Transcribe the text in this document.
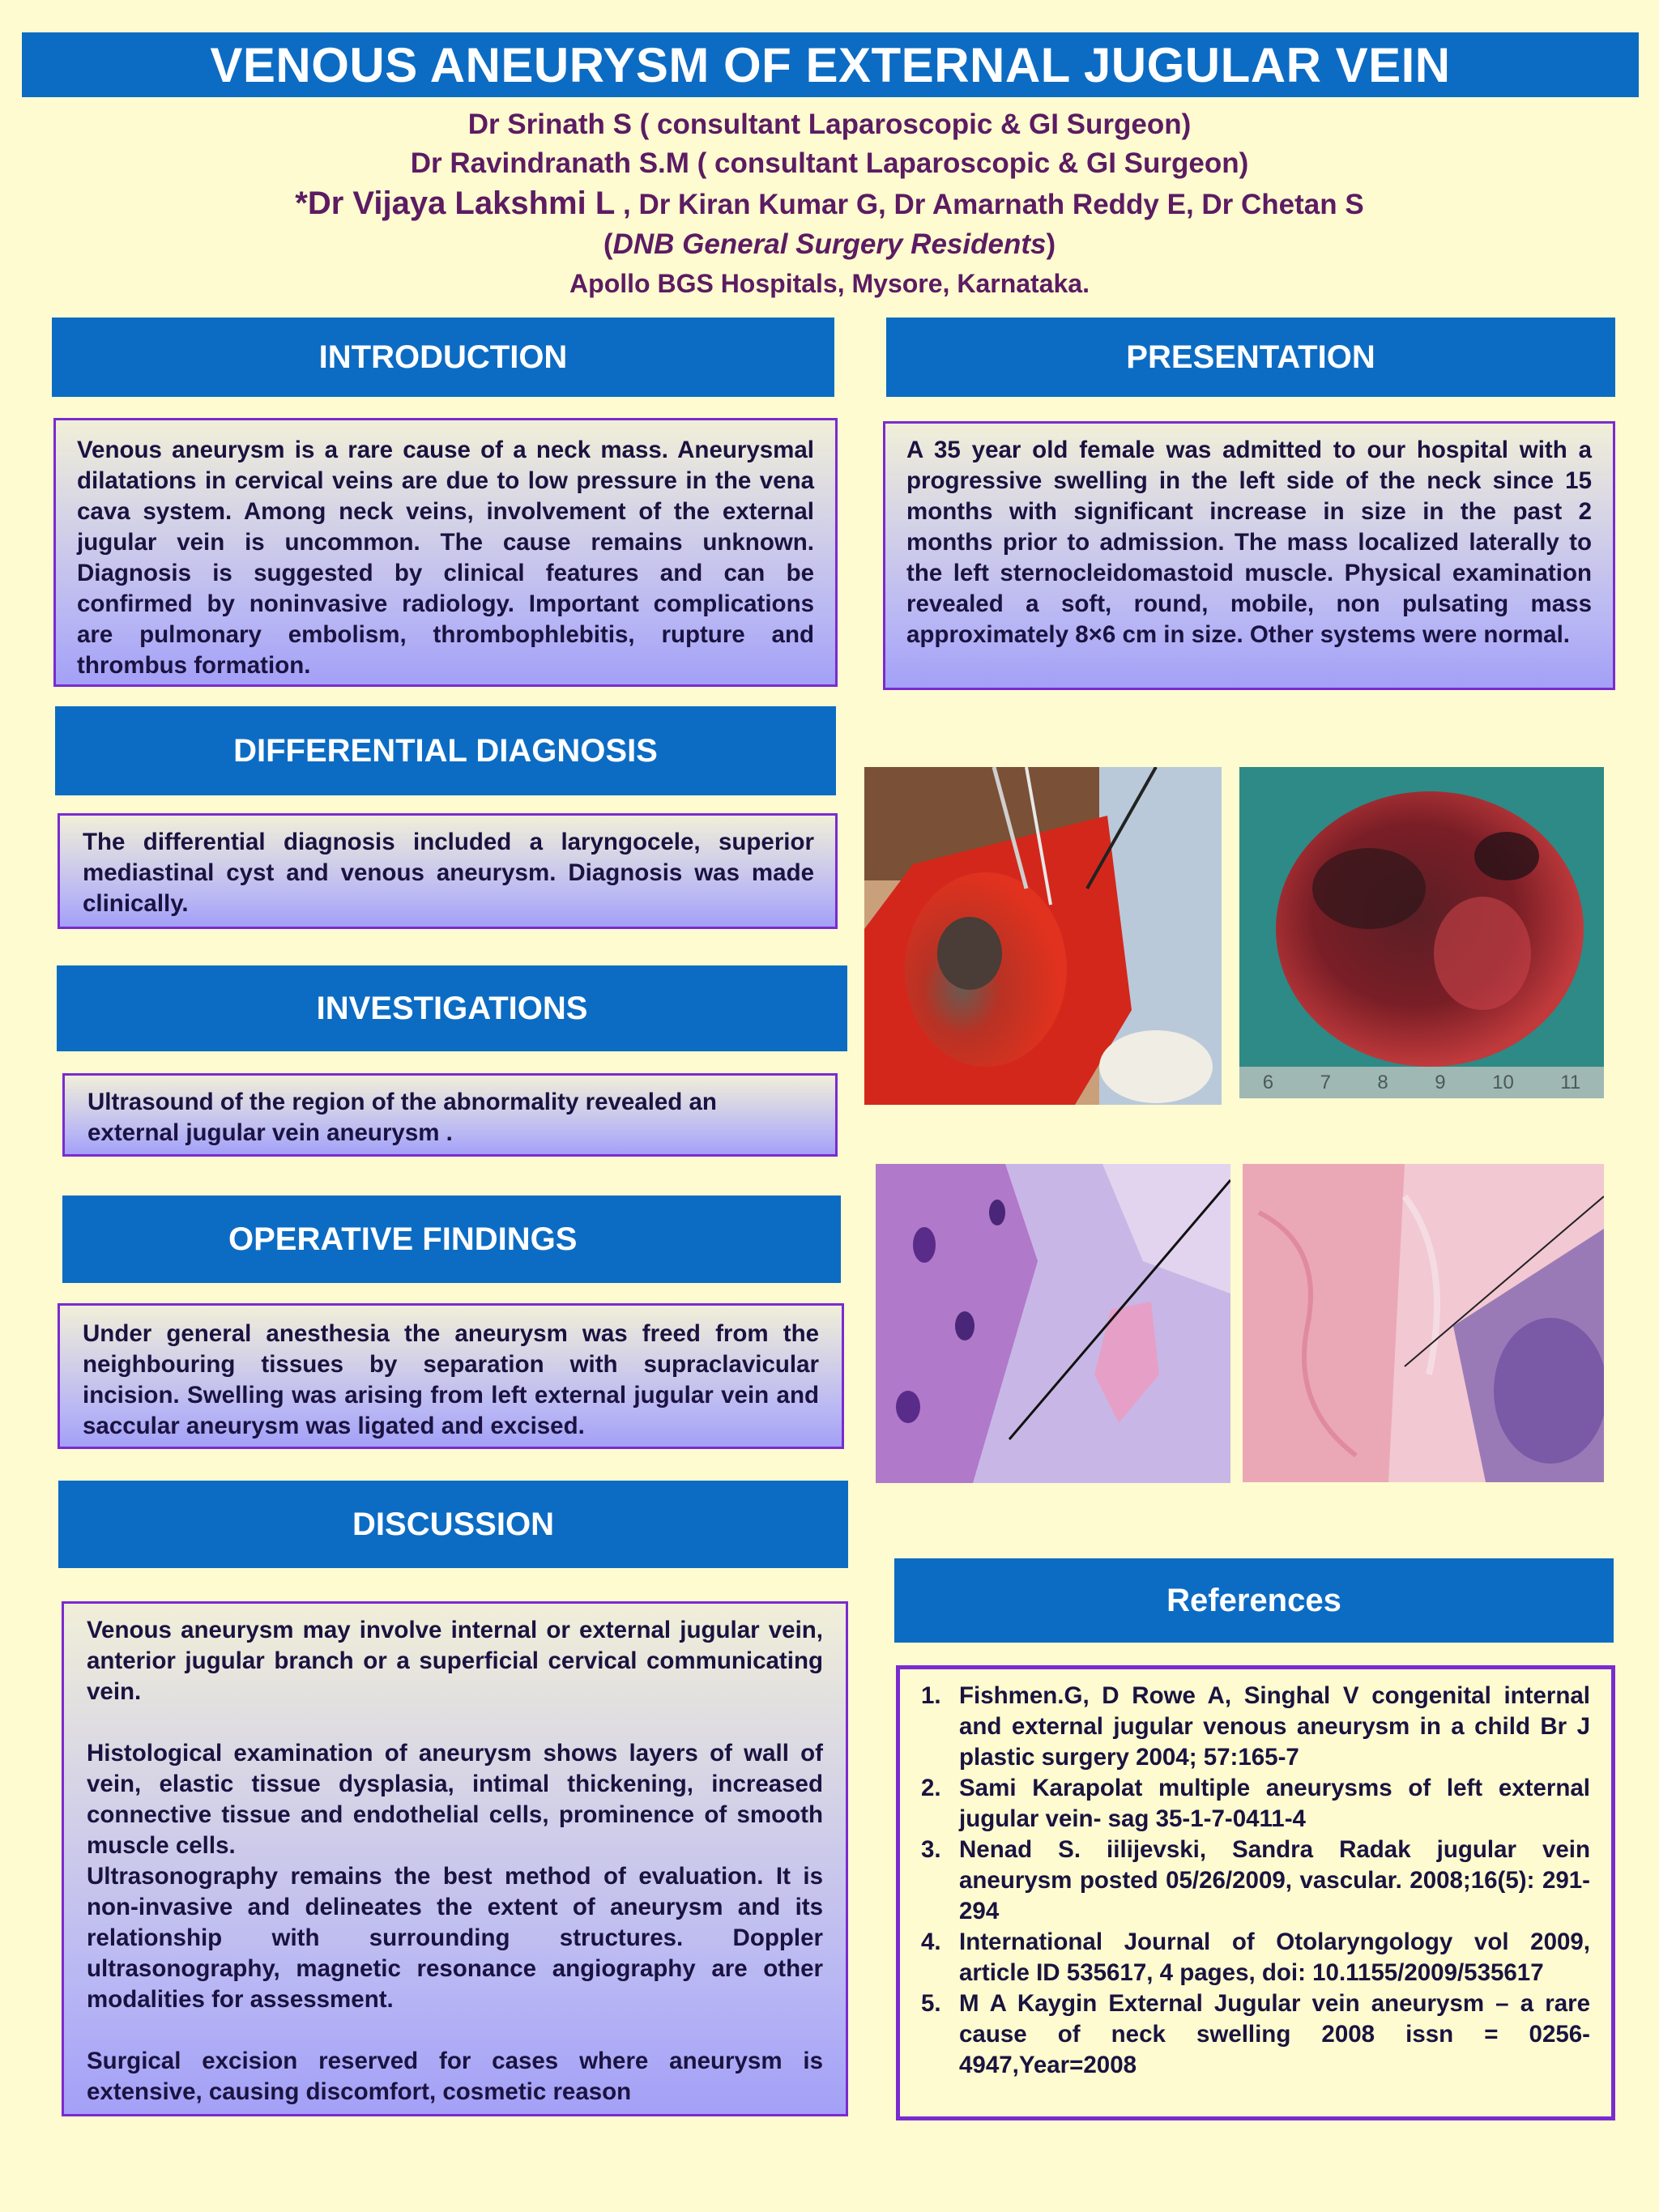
VENOUS ANEURYSM OF EXTERNAL JUGULAR VEIN
Dr Srinath S ( consultant Laparoscopic & GI Surgeon)
Dr Ravindranath S.M ( consultant Laparoscopic & GI Surgeon)
*Dr Vijaya Lakshmi L , Dr Kiran Kumar G, Dr Amarnath Reddy E, Dr Chetan S
(DNB General Surgery Residents)
Apollo BGS Hospitals, Mysore, Karnataka.
INTRODUCTION

Venous aneurysm is a rare cause of a neck mass. Aneurysmal dilatations in cervical veins are due to low pressure in the vena cava system. Among neck veins, involvement of the external jugular vein is uncommon. The cause remains unknown. Diagnosis is suggested by clinical features and can be confirmed by noninvasive radiology. Important complications are pulmonary embolism, thrombophlebitis, rupture and thrombus formation.

PRESENTATION

A 35 year old female was admitted to our hospital with a progressive swelling in the left side of the neck since 15 months with significant increase in size in the past 2 months prior to admission. The mass localized laterally to the left sternocleidomastoid muscle. Physical examination revealed a soft, round, mobile, non pulsating mass approximately 8×6 cm in size. Other systems were normal.

DIFFERENTIAL DIAGNOSIS

The differential diagnosis included a laryngocele, superior mediastinal cyst and venous aneurysm. Diagnosis was made clinically.

INVESTIGATIONS

Ultrasound of the region of the abnormality revealed an external jugular vein aneurysm .

OPERATIVE FINDINGS

Under general anesthesia the aneurysm was freed from the neighbouring tissues by separation with supraclavicular incision. Swelling was arising from left external jugular vein and saccular aneurysm was ligated and excised.

DISCUSSION

Venous aneurysm may involve internal or external jugular vein, anterior jugular branch or a superficial cervical communicating vein.

Histological examination of aneurysm shows layers of wall of vein, elastic tissue dysplasia, intimal thickening, increased connective tissue and endothelial cells, prominence of smooth muscle cells.

Ultrasonography remains the best method of evaluation. It is non-invasive and delineates the extent of aneurysm and its relationship with surrounding structures. Doppler ultrasonography, magnetic resonance angiography are other modalities for assessment.

Surgical excision reserved for cases where aneurysm is extensive, causing discomfort, cosmetic reason

References
1. Fishmen.G, D Rowe A, Singhal V congenital internal and external jugular venous aneurysm in a child Br J plastic surgery 2004; 57:165-7
2. Sami Karapolat multiple aneurysms of left external jugular vein- sag 35-1-7-0411-4
3. Nenad S. iilijevski, Sandra Radak jugular vein aneurysm posted 05/26/2009, vascular. 2008;16(5): 291-294
4. International Journal of Otolaryngology vol 2009, article ID 535617, 4 pages, doi: 10.1155/2009/535617
5. M A Kaygin External Jugular vein aneurysm – a rare cause of neck swelling 2008 issn = 0256-4947,Year=2008
6 7 8 9 10 11
